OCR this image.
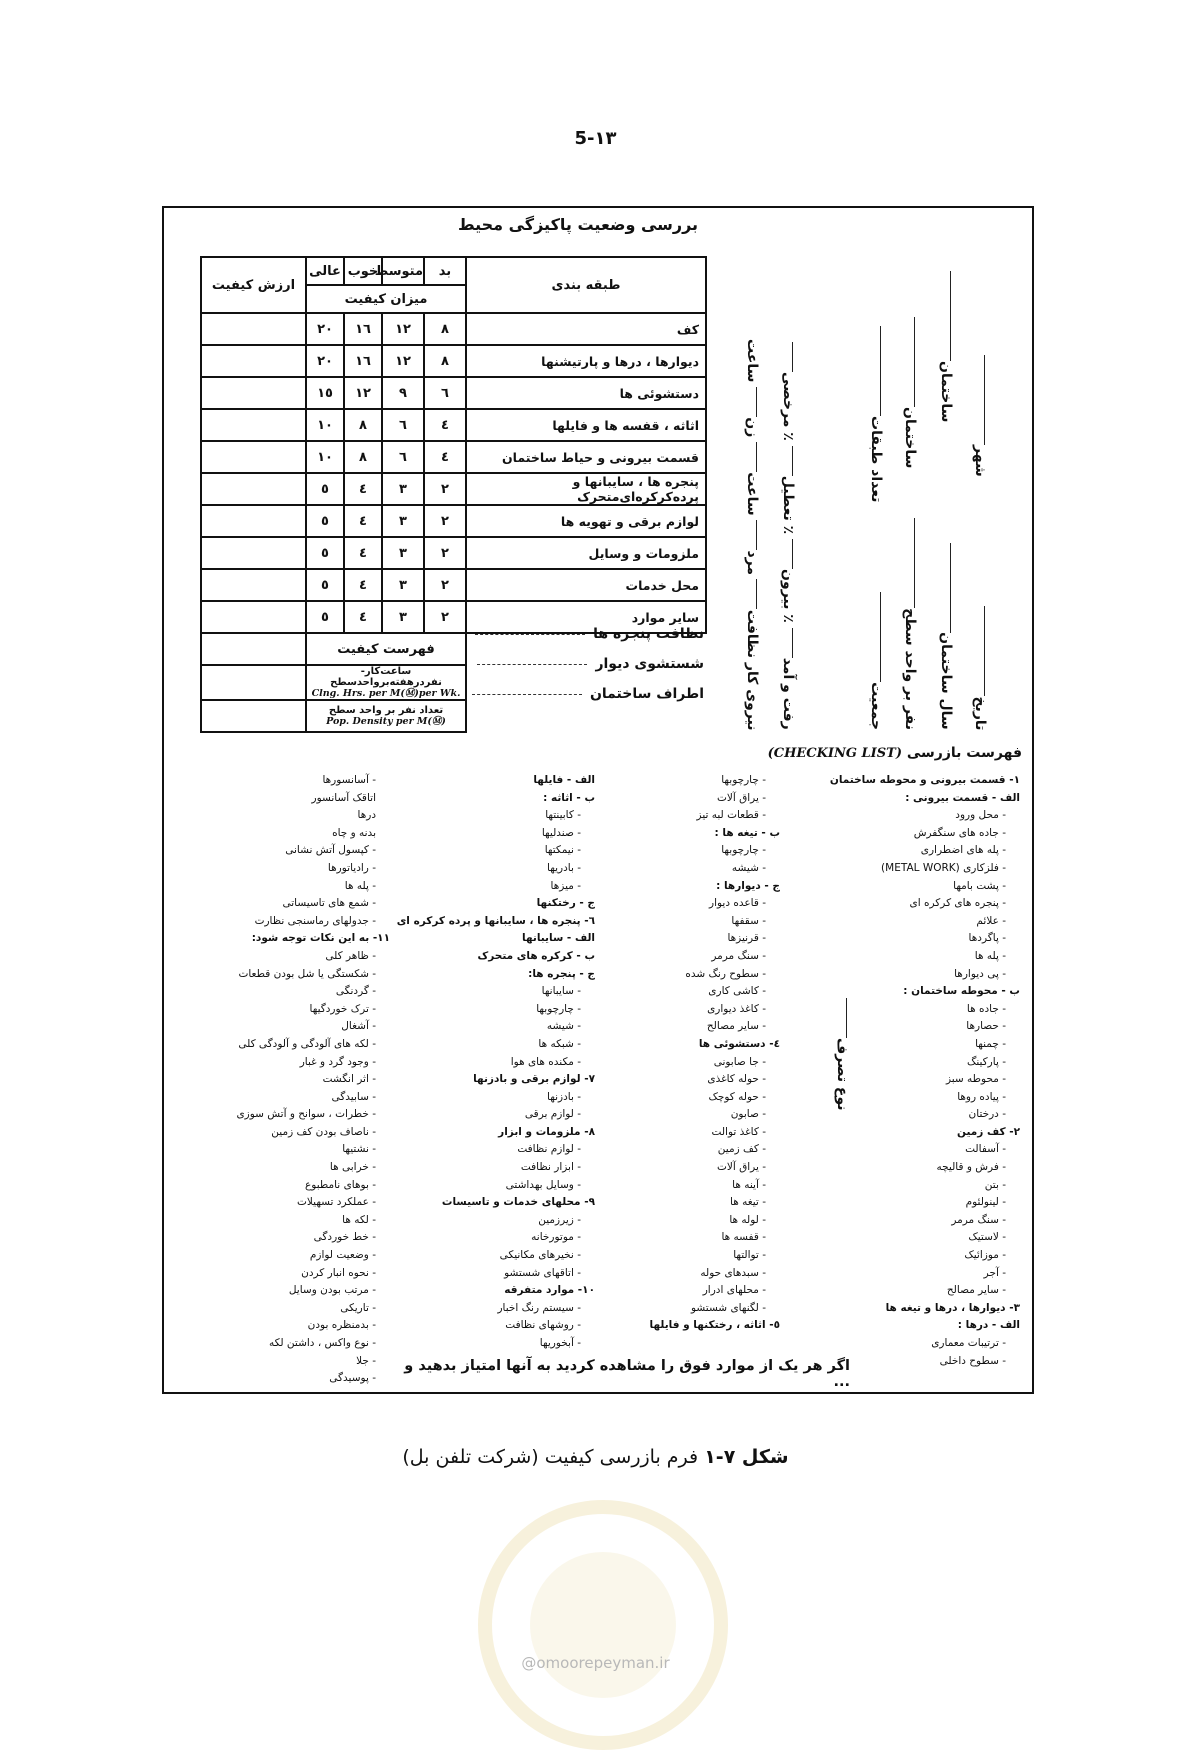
5-١٣
بررسی وضعیت پاکیزگی محیط
طبقه بندی	بد	متوسط	خوب	عالی	ارزش کیفیت
	میزان کیفیت				
کف	٨	١٢	١٦	٢٠	
دیوارها ، درها و پارتیشنها	٨	١٢	١٦	٢٠	
دستشوئی ها	٦	٩	١٢	١٥	
اثاثه ، قفسه ها و فایلها	٤	٦	٨	١٠	
قسمت بیرونی و حیاط ساختمان	٤	٦	٨	١٠	
پنجره ها ، سایبانها و پرده‌کرکره‌ای‌متحرک	٢	٣	٤	٥	
لوازم برقی و تهویه ها	٢	٣	٤	٥	
ملزومات و وسایل	٢	٣	٤	٥	
محل خدمات	٢	٣	٤	٥	
سایر موارد	٢	٣	٤	٥	
	فهرست کیفیت				
	ساعت‌کار-نفردرهفته‌برواحدسطح
Clng. Hrs. per M(Ⓜ)per Wk.				

	تعداد نفر بر واحد سطح
Pop. Density per M(Ⓜ)				

نظافت پنجره ها
شستشوی دیوار
اطراف ساختمان
تاریخ  شهر
سال ساختمان  ساختمان
نفر بر واحد سطح  ساختمان
جمعیت  تعداد طبقات
نوع تصرف
رفت و آمد ٪ بیرون ٪ تعطیل ٪ مرخصی
نیروی کار نظافت مرد ساعت زن ساعت
فهرست بازرسی (CHECKING LIST)
١- قسمت بیرونی و محوطه ساختمان
الف - قسمت بیرونی :
- محل ورود
- جاده های سنگفرش
- پله های اضطراری
- فلزکاری (METAL WORK)
- پشت بامها
- پنجره های کرکره ای
- علائم
- پاگردها
- پله ها
- پی دیوارها
ب - محوطه ساختمان :
- جاده ها
- حصارها
- چمنها
- پارکینگ
- محوطه سبز
- پیاده روها
- درختان
٢- کف زمین
- آسفالت
- فرش و قالیچه
- بتن
- لینولئوم
- سنگ مرمر
- لاستیک
- موزائیک
- آجر
- سایر مصالح
٣- دیوارها ، درها و تیغه ها
الف - درها :
- ترتیبات معماری
- سطوح داخلی
- چارچوبها
- یراق آلات
- قطعات لبه تیز
ب - تیغه ها :
- چارچوبها
- شیشه
ج - دیوارها :
- قاعده دیوار
- سقفها
- قرنیزها
- سنگ مرمر
- سطوح رنگ شده
- کاشی کاری
- کاغذ دیواری
- سایر مصالح
٤- دستشوئی ها
- جا صابونی
- حوله کاغذی
- حوله کوچک
- صابون
- کاغذ توالت
- کف زمین
- یراق آلات
- آینه ها
- تیغه ها
- لوله ها
- قفسه ها
- توالتها
- سبدهای حوله
- محلهای ادرار
- لگنهای شستشو
٥- اثاثه ، رختکنها و فایلها
الف - فایلها
ب - اثاثه :
- کابینتها
- صندلیها
- نیمکتها
- بادریها
- میزها
ج - رختکنها
٦- پنجره ها ، سایبانها و پرده کرکره ای
الف - سایبانها
ب - کرکره های متحرک
ج - پنجره ها:
- سایبانها
- چارچوبها
- شیشه
- شبکه ها
- مکنده های هوا
٧- لوازم برقی و بادزنها
- بادزنها
- لوازم برقی
٨- ملزومات و ابزار
- لوازم نظافت
- ابزار نظافت
- وسایل بهداشتی
٩- محلهای خدمات و تاسیسات
- زیرزمین
- موتورخانه
- نخیرهای مکانیکی
- اتاقهای شستشو
١٠- موارد متفرقه
- سیستم رنگ اخبار
- روشهای نظافت
- آبخوریها
- آسانسورها
اتاقک آسانسور
درها
بدنه و چاه
- کپسول آتش نشانی
- رادیاتورها
- پله ها
- شمع های تاسیساتی
- جدولهای رماسنجی نظارت
١١- به این نکات توجه شود:
- ظاهر کلی
- شکستگی یا شل بودن قطعات
- گردنگی
- ترک خوردگیها
- آشغال
- لکه های آلودگی و آلودگی کلی
- وجود گرد و غبار
- اثر انگشت
- سابیدگی
- خطرات ، سوانح و آتش سوزی
- ناصاف بودن کف زمین
- نشتیها
- خرابی ها
- بوهای نامطبوع
- عملکرد تسهیلات
- لکه ها
- خط خوردگی
- وضعیت لوازم
- نحوه انبار کردن
- مرتب بودن وسایل
- تاریکی
- بدمنظره بودن
- نوع واکس ، داشتن لکه
- جلا
- پوسیدگی
اگر هر یک از موارد فوق را مشاهده کردید به آنها امتیاز بدهید و ...
شکل ٧-١ فرم بازرسی کیفیت (شرکت تلفن بل)
@omoorepeyman.ir
